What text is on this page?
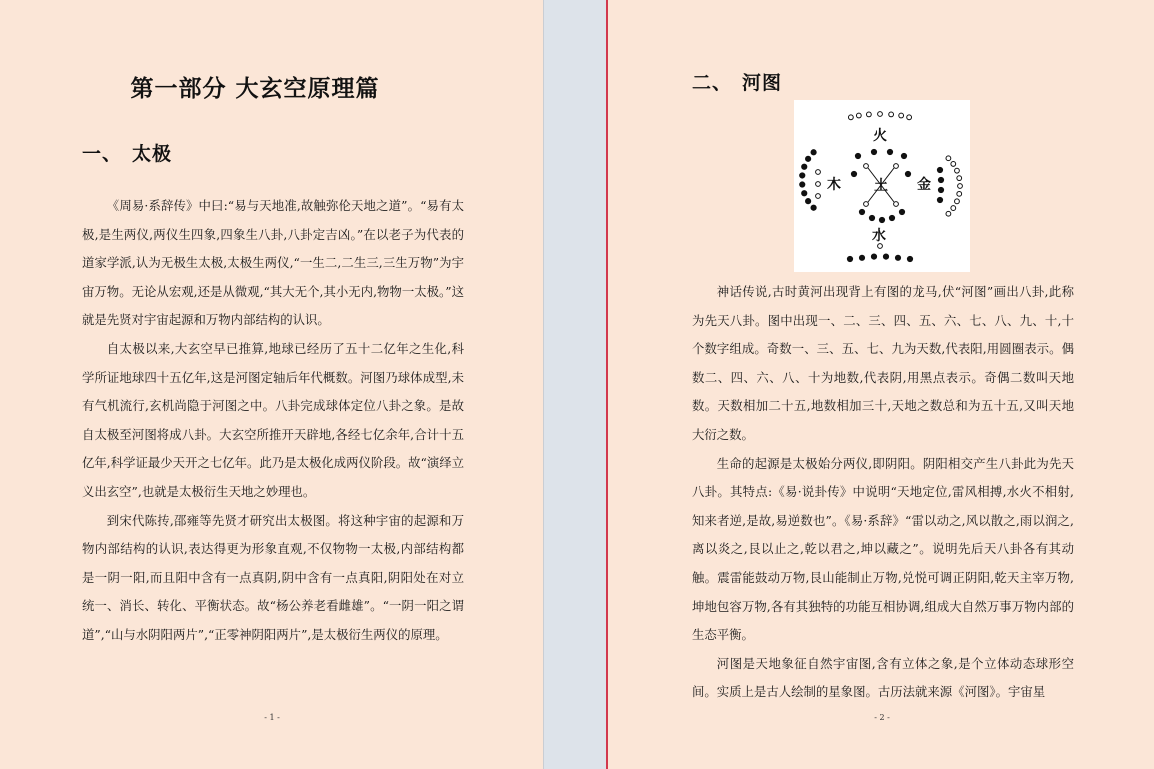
第一部分 大玄空原理篇
一、 太极

《周易·系辞传》中曰:“易与天地准,故触弥伦天地之道”。“易有太极,是生两仪,两仪生四象,四象生八卦,八卦定吉凶。”在以老子为代表的道家学派,认为无极生太极,太极生两仪,“一生二,二生三,三生万物”为宇宙万物。无论从宏观,还是从微观,“其大无个,其小无内,物物一太极。”这就是先贤对宇宙起源和万物内部结构的认识。

自太极以来,大玄空早已推算,地球已经历了五十二亿年之生化,科学所证地球四十五亿年,这是河图定轴后年代概数。河图乃球体成型,未有气机流行,玄机尚隐于河图之中。八卦完成球体定位八卦之象。是故自太极至河图将成八卦。大玄空所推开天辟地,各经七亿余年,合计十五亿年,科学证最少天开之七亿年。此乃是太极化成两仪阶段。故“演绎立义出玄空”,也就是太极衍生天地之妙理也。

到宋代陈抟,邵雍等先贤才研究出太极图。将这种宇宙的起源和万物内部结构的认识,表达得更为形象直观,不仅物物一太极,内部结构都是一阴一阳,而且阳中含有一点真阴,阴中含有一点真阳,阴阳处在对立统一、消长、转化、平衡状态。故“杨公养老看雌雄”。“一阴一阳之谓道”,“山与水阴阳两片”,“正零神阴阳两片”,是太极衍生两仪的原理。

- 1 -
二、 河图
火
木	金
水
土

神话传说,古时黄河出现背上有图的龙马,伏“河图”画出八卦,此称为先天八卦。图中出现一、二、三、四、五、六、七、八、九、十,十个数字组成。奇数一、三、五、七、九为天数,代表阳,用圆圈表示。偶数二、四、六、八、十为地数,代表阴,用黑点表示。奇偶二数叫天地数。天数相加二十五,地数相加三十,天地之数总和为五十五,又叫天地大衍之数。

生命的起源是太极始分两仪,即阴阳。阴阳相交产生八卦此为先天八卦。其特点:《易·说卦传》中说明“天地定位,雷风相搏,水火不相射,知来者逆,是故,易逆数也”。《易·系辞》“雷以动之,风以散之,雨以润之,离以炎之,艮以止之,乾以君之,坤以藏之”。说明先后天八卦各有其动触。震雷能鼓动万物,艮山能制止万物,兑悦可调正阴阳,乾天主宰万物,坤地包容万物,各有其独特的功能互相协调,组成大自然万事万物内部的生态平衡。

河图是天地象征自然宇宙图,含有立体之象,是个立体动态球形空间。实质上是古人绘制的星象图。古历法就来源《河图》。宇宙星

- 2 -
